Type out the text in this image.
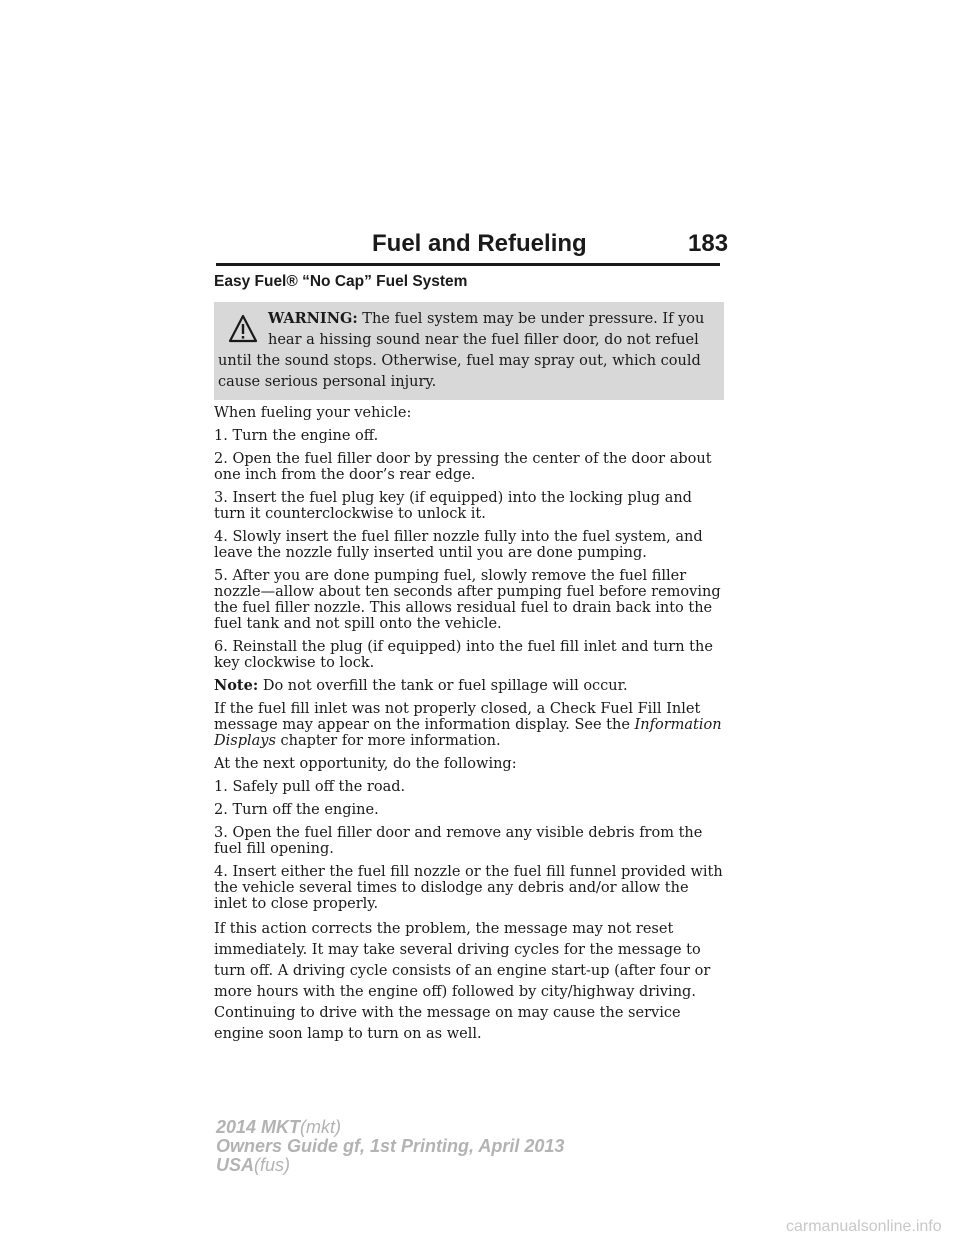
Fuel and Refueling	183
Easy Fuel® “No Cap” Fuel System
WARNING: The fuel system may be under pressure. If you hear a hissing sound near the fuel filler door, do not refuel until the sound stops. Otherwise, fuel may spray out, which could cause serious personal injury.

When fueling your vehicle:

1. Turn the engine off.

2. Open the fuel filler door by pressing the center of the door about one inch from the door’s rear edge.

3. Insert the fuel plug key (if equipped) into the locking plug and turn it counterclockwise to unlock it.

4. Slowly insert the fuel filler nozzle fully into the fuel system, and leave the nozzle fully inserted until you are done pumping.

5. After you are done pumping fuel, slowly remove the fuel filler nozzle—allow about ten seconds after pumping fuel before removing the fuel filler nozzle. This allows residual fuel to drain back into the fuel tank and not spill onto the vehicle.

6. Reinstall the plug (if equipped) into the fuel fill inlet and turn the key clockwise to lock.

Note: Do not overfill the tank or fuel spillage will occur.

If the fuel fill inlet was not properly closed, a Check Fuel Fill Inlet message may appear on the information display. See the Information Displays chapter for more information.

At the next opportunity, do the following:

1. Safely pull off the road.

2. Turn off the engine.

3. Open the fuel filler door and remove any visible debris from the fuel fill opening.

4. Insert either the fuel fill nozzle or the fuel fill funnel provided with the vehicle several times to dislodge any debris and/or allow the inlet to close properly.

If this action corrects the problem, the message may not reset immediately. It may take several driving cycles for the message to turn off. A driving cycle consists of an engine start-up (after four or more hours with the engine off) followed by city/highway driving. Continuing to drive with the message on may cause the service engine soon lamp to turn on as well.

2014 MKT(mkt)
Owners Guide gf, 1st Printing, April 2013
USA(fus)
carmanualsonline.info
